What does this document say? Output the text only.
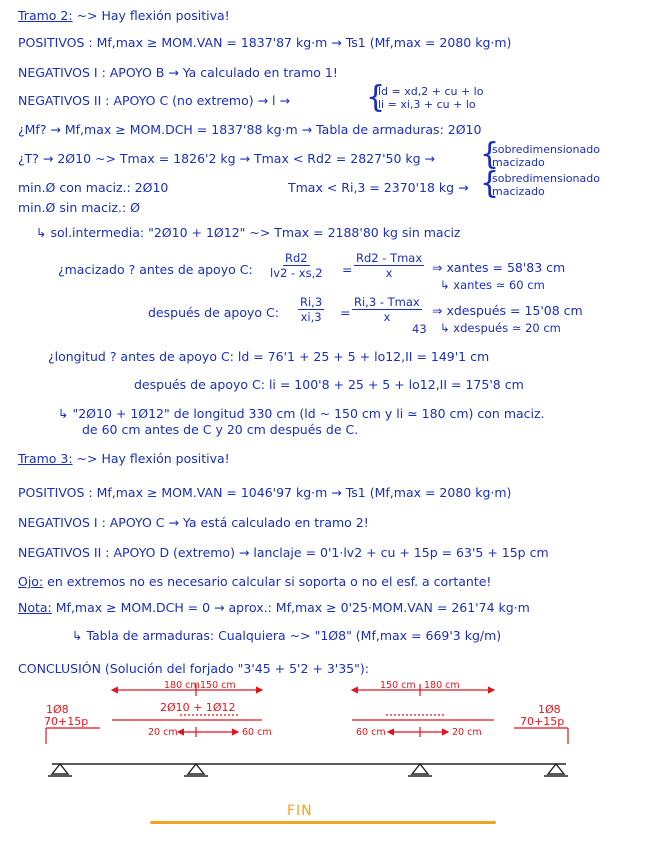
Tramo 2: ~> Hay flexión positiva!
POSITIVOS : Mf,max ≥ MOM.VAN = 1837'87 kg·m → Ts1 (Mf,max = 2080 kg·m)
NEGATIVOS I : APOYO B → Ya calculado en tramo 1!
NEGATIVOS II : APOYO C (no extremo) → l →	{
ld = xd,2 + cu + lo
li = xi,3 + cu + lo
¿Mf? → Mf,max ≥ MOM.DCH = 1837'88 kg·m → Tabla de armaduras: 2Ø10
¿T? → 2Ø10 ~> Tmax = 1826'2 kg → Tmax < Rd2 = 2827'50 kg → {
sobredimensionado
macizado
min.Ø con maciz.: 2Ø10	Tmax < Ri,3 = 2370'18 kg → {
sobredimensionado
macizado
min.Ø sin maciz.: Ø
↳ sol.intermedia: "2Ø10 + 1Ø12" ~> Tmax = 2188'80 kg sin maciz
¿macizado ? antes de apoyo C: $\frac{Rd2}{lv2 - xs,2}$ =
Rd2 - Tmax
x	⇒ xantes = 58'83 cm
↳ xantes ≃ 60 cm
después de apoyo C: $\frac{Ri,3}{xi,3}$ =
Ri,3 - Tmax
x
43
⇒ xdespués = 15'08 cm
↳ xdespués ≃ 20 cm
¿longitud ? antes de apoyo C: ld = 76'1 + 25 + 5 + lo12,II = 149'1 cm
después de apoyo C: li = 100'8 + 25 + 5 + lo12,II = 175'8 cm
↳ "2Ø10 + 1Ø12" de longitud 330 cm (ld ~ 150 cm y li ≃ 180 cm) con maciz.
de 60 cm antes de C y 20 cm después de C.
Tramo 3: ~> Hay flexión positiva!
POSITIVOS : Mf,max ≥ MOM.VAN = 1046'97 kg·m → Ts1 (Mf,max = 2080 kg·m)
NEGATIVOS I : APOYO C → Ya está calculado en tramo 2!
NEGATIVOS II : APOYO D (extremo) → lanclaje = 0'1·lv2 + cu + 15p = 63'5 + 15p cm
Ojo: en extremos no es necesario calcular si soporta o no el esf. a cortante!
Nota: Mf,max ≥ MOM.DCH = 0 → aprox.: Mf,max ≥ 0'25·MOM.VAN = 261'74 kg·m
↳ Tabla de armaduras: Cualquiera ~> "1Ø8" (Mf,max = 669'3 kg/m)
CONCLUSIÓN (Solución del forjado "3'45 + 5'2 + 3'35"):
180 cm 150 cm	150 cm 180 cm
2Ø10 + 1Ø12
1Ø8
70+15p
1Ø8
70+15p
20 cm	60 cm	60 cm	20 cm
FIN
